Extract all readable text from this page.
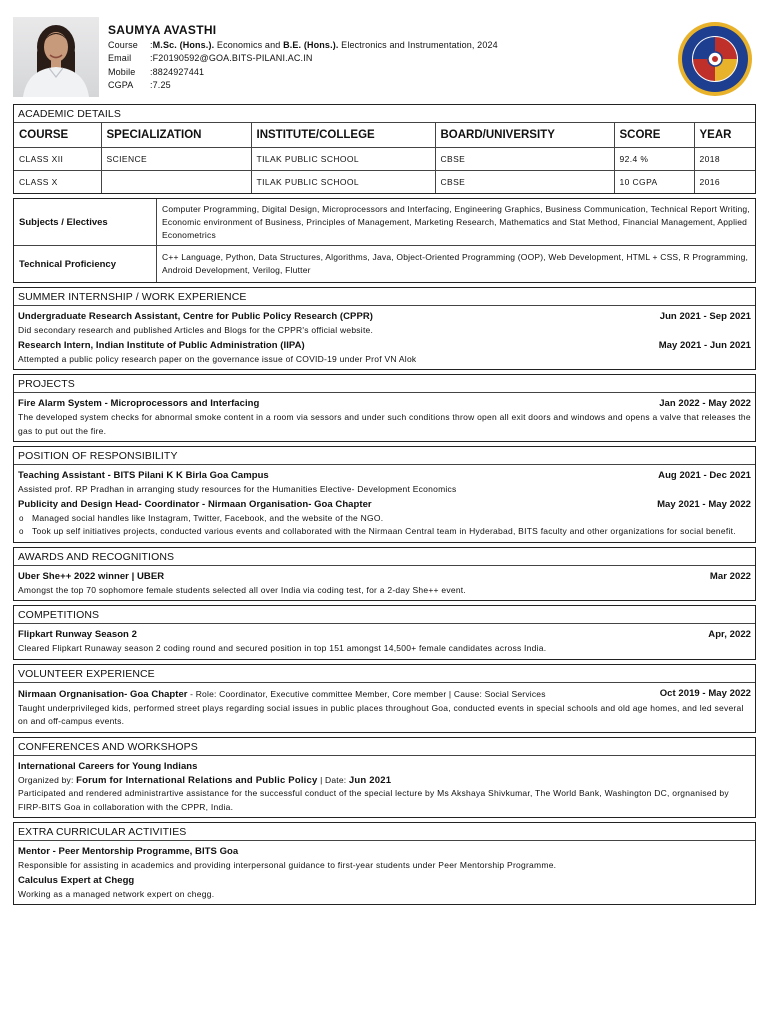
SAUMYA AVASTHI
Course	:M.Sc. (Hons.). Economics and B.E. (Hons.). Electronics and Instrumentation, 2024
Email	:F20190592@GOA.BITS-PILANI.AC.IN
Mobile	:8824927441
CGPA	:7.25
ACADEMIC DETAILS
COURSE	SPECIALIZATION	INSTITUTE/COLLEGE	BOARD/UNIVERSITY	SCORE	YEAR
CLASS XII	SCIENCE	TILAK PUBLIC SCHOOL	CBSE	92.4 %	2018
CLASS X		TILAK PUBLIC SCHOOL	CBSE	10 CGPA	2016
Subjects / Electives	Computer Programming, Digital Design, Microprocessors and Interfacing, Engineering Graphics, Business Communication, Technical Report Writing, Economic environment of Business, Principles of Management, Marketing Research, Mathematics and Stat Method, Financial Management, Applied Econometrics
Technical Proficiency	C++ Language, Python, Data Structures, Algorithms, Java, Object-Oriented Programming (OOP), Web Development, HTML + CSS, R Programming, Android Development, Verilog, Flutter
SUMMER INTERNSHIP / WORK EXPERIENCE
Undergraduate Research Assistant, Centre for Public Policy Research (CPPR)	Jun 2021 - Sep 2021
Did secondary research and published Articles and Blogs for the CPPR's official website.
Research Intern, Indian Institute of Public Administration (IIPA)	May 2021 - Jun 2021
Attempted a public policy research paper on the governance issue of COVID-19 under Prof VN Alok
PROJECTS
Fire Alarm System - Microprocessors and Interfacing	Jan 2022 - May 2022
The developed system checks for abnormal smoke content in a room via sessors and under such conditions throw open all exit doors and windows and opens a valve that releases the gas to put out the fire.
POSITION OF RESPONSIBILITY
Teaching Assistant - BITS Pilani K K Birla Goa Campus	Aug 2021 - Dec 2021
Assisted prof. RP Pradhan in arranging study resources for the Humanities Elective- Development Economics
Publicity and Design Head- Coordinator - Nirmaan Organisation- Goa Chapter	May 2021 - May 2022
o Managed social handles like Instagram, Twitter, Facebook, and the website of the NGO.
o Took up self initiatives projects, conducted various events and collaborated with the Nirmaan Central team in Hyderabad, BITS faculty and other organizations for social benefit.
AWARDS AND RECOGNITIONS
Uber She++ 2022 winner | UBER	Mar 2022
Amongst the top 70 sophomore female students selected all over India via coding test, for a 2-day She++ event.
COMPETITIONS
Flipkart Runway Season 2	Apr, 2022
Cleared Flipkart Runaway season 2 coding round and secured position in top 151 amongst 14,500+ female candidates across India.
VOLUNTEER EXPERIENCE
Nirmaan Orgnanisation- Goa Chapter - Role: Coordinator, Executive committee Member, Core member | Cause: Social Services	Oct 2019 - May 2022
Taught underprivileged kids, performed street plays regarding social issues in public places throughout Goa, conducted events in special schools and old age homes, and led several on and off-campus events.
CONFERENCES AND WORKSHOPS
International Careers for Young Indians
Organized by: Forum for International Relations and Public Policy | Date: Jun 2021
Participated and rendered administrartive assistance for the successful conduct of the special lecture by Ms Akshaya Shivkumar, The World Bank, Washington DC, orgnanised by FIRP-BITS Goa in collaboration with the CPPR, India.
EXTRA CURRICULAR ACTIVITIES
Mentor - Peer Mentorship Programme, BITS Goa
Responsible for assisting in academics and providing interpersonal guidance to first-year students under Peer Mentorship Programme.
Calculus Expert at Chegg
Working as a managed network expert on chegg.
